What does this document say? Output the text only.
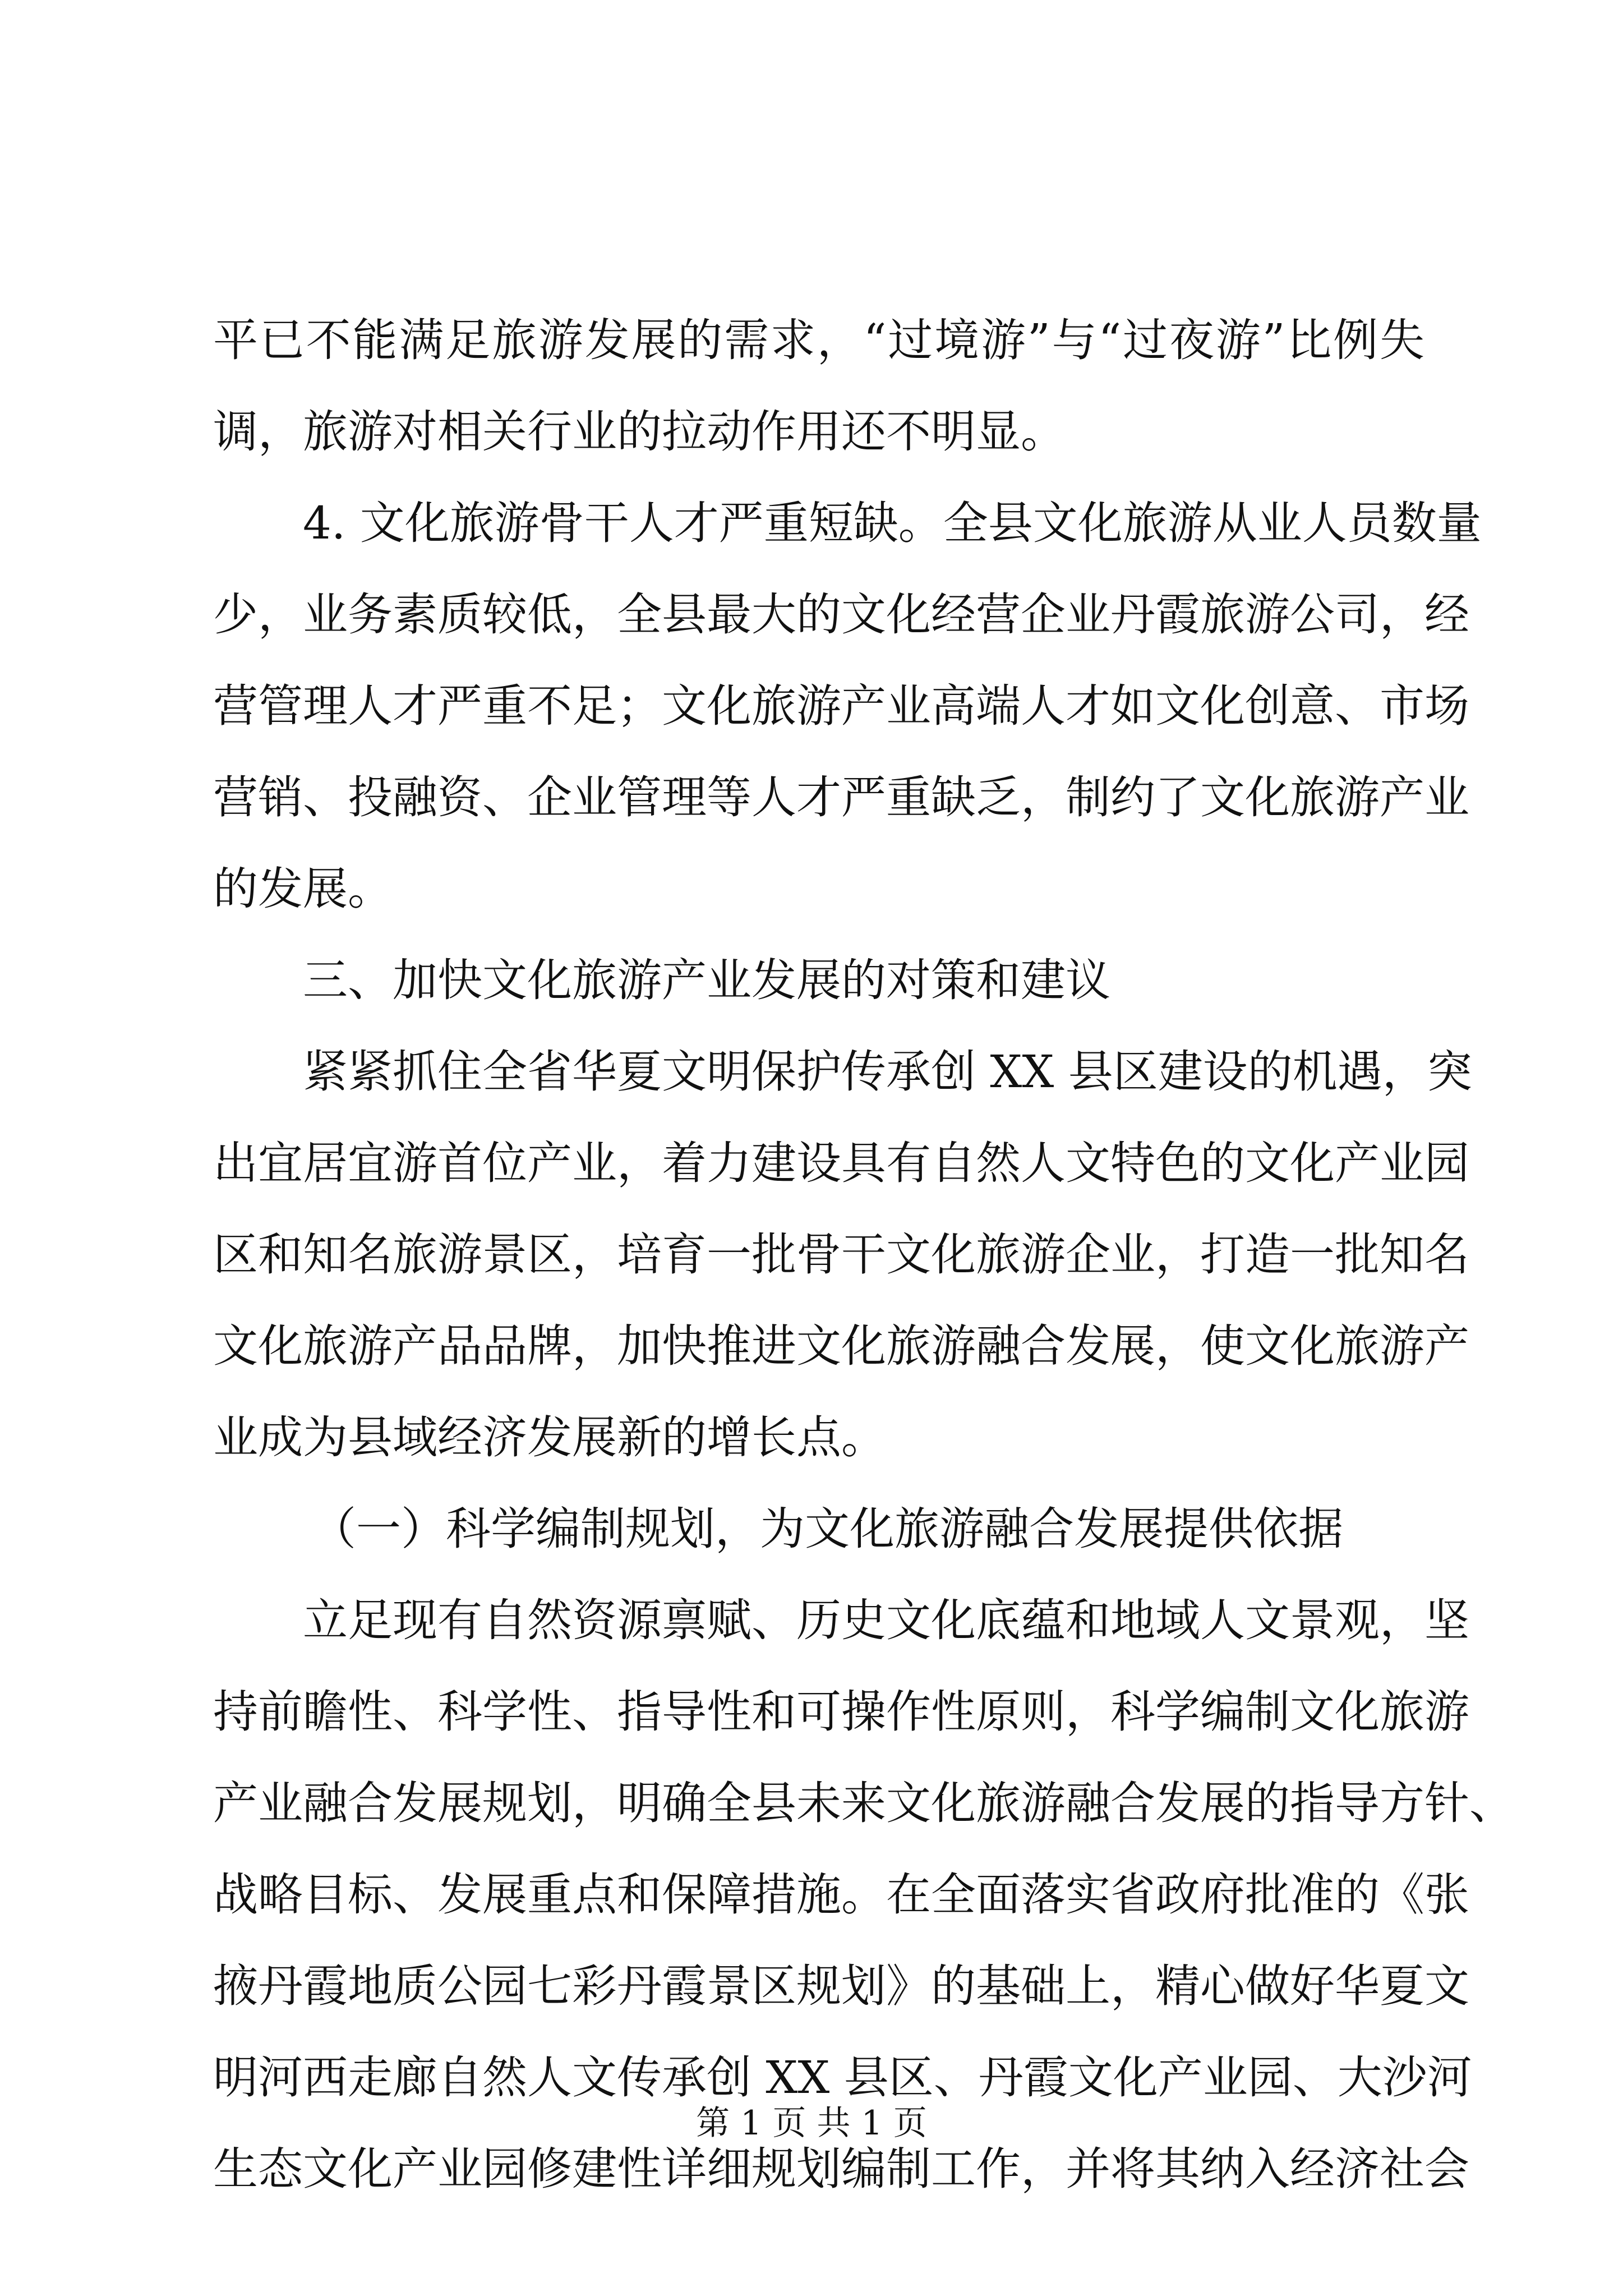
平已不能满足旅游发展的需求，“过境游”与“过夜游”比例失
调，旅游对相关行业的拉动作用还不明显。
4. 文化旅游骨干人才严重短缺。全县文化旅游从业人员数量
少，业务素质较低，全县最大的文化经营企业丹霞旅游公司，经
营管理人才严重不足；文化旅游产业高端人才如文化创意、市场
营销、投融资、企业管理等人才严重缺乏，制约了文化旅游产业
的发展。
三、加快文化旅游产业发展的对策和建议
紧紧抓住全省华夏文明保护传承创 XX 县区建设的机遇，突
出宜居宜游首位产业，着力建设具有自然人文特色的文化产业园
区和知名旅游景区，培育一批骨干文化旅游企业，打造一批知名
文化旅游产品品牌，加快推进文化旅游融合发展，使文化旅游产
业成为县域经济发展新的增长点。
（一）科学编制规划，为文化旅游融合发展提供依据
立足现有自然资源禀赋、历史文化底蕴和地域人文景观，坚
持前瞻性、科学性、指导性和可操作性原则，科学编制文化旅游
产业融合发展规划，明确全县未来文化旅游融合发展的指导方针、
战略目标、发展重点和保障措施。在全面落实省政府批准的《张
掖丹霞地质公园七彩丹霞景区规划》的基础上，精心做好华夏文
明河西走廊自然人文传承创 XX 县区、丹霞文化产业园、大沙河
生态文化产业园修建性详细规划编制工作，并将其纳入经济社会
第 1 页 共 1 页
